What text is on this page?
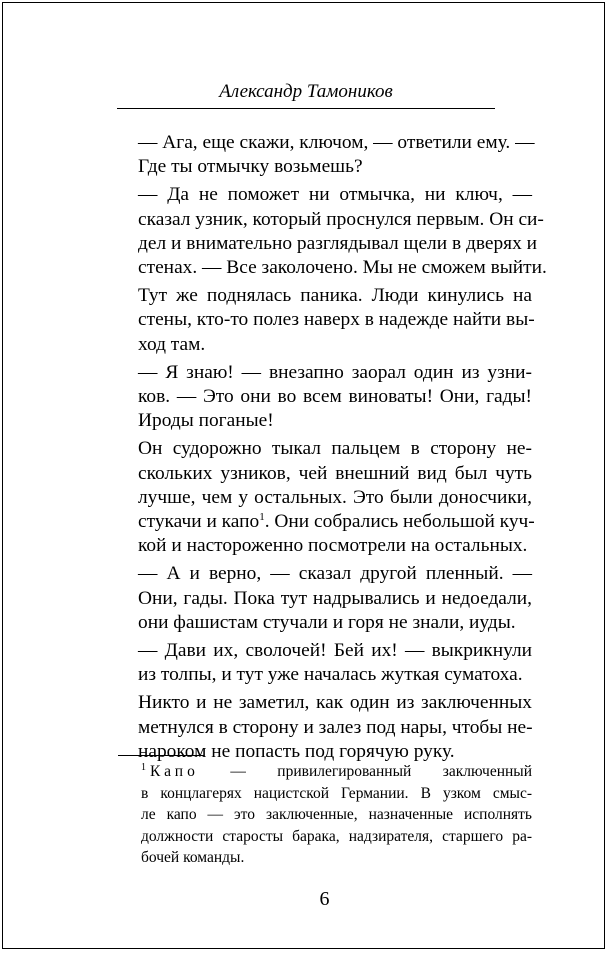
Александр Тамоников

— Ага, еще скажи, ключом, — ответили ему. —
Где ты отмычку возьмешь?

— Да не поможет ни отмычка, ни ключ, —
сказал узник, который проснулся первым. Он си-
дел и внимательно разглядывал щели в дверях и
стенах. — Все заколочено. Мы не сможем выйти.

Тут же поднялась паника. Люди кинулись на
стены, кто-то полез наверх в надежде найти вы-
ход там.

— Я знаю! — внезапно заорал один из узни-
ков. — Это они во всем виноваты! Они, гады!
Ироды поганые!

Он судорожно тыкал пальцем в сторону не-
скольких узников, чей внешний вид был чуть
лучше, чем у остальных. Это были доносчики,
стукачи и капо$^1$. Они собрались небольшой куч-
кой и настороженно посмотрели на остальных.

— А и верно, — сказал другой пленный. —
Они, гады. Пока тут надрывались и недоедали,
они фашистам стучали и горя не знали, иуды.

— Дави их, сволочей! Бей их! — выкрикнули
из толпы, и тут уже началась жуткая суматоха.

Никто и не заметил, как один из заключенных
метнулся в сторону и залез под нары, чтобы не-
нароком не попасть под горячую руку.

$^1$ Капо — привилегированный заключенный
в концлагерях нацистской Германии. В узком смыс-
ле капо — это заключенные, назначенные исполнять
должности старосты барака, надзирателя, старшего ра-
бочей команды.

6
